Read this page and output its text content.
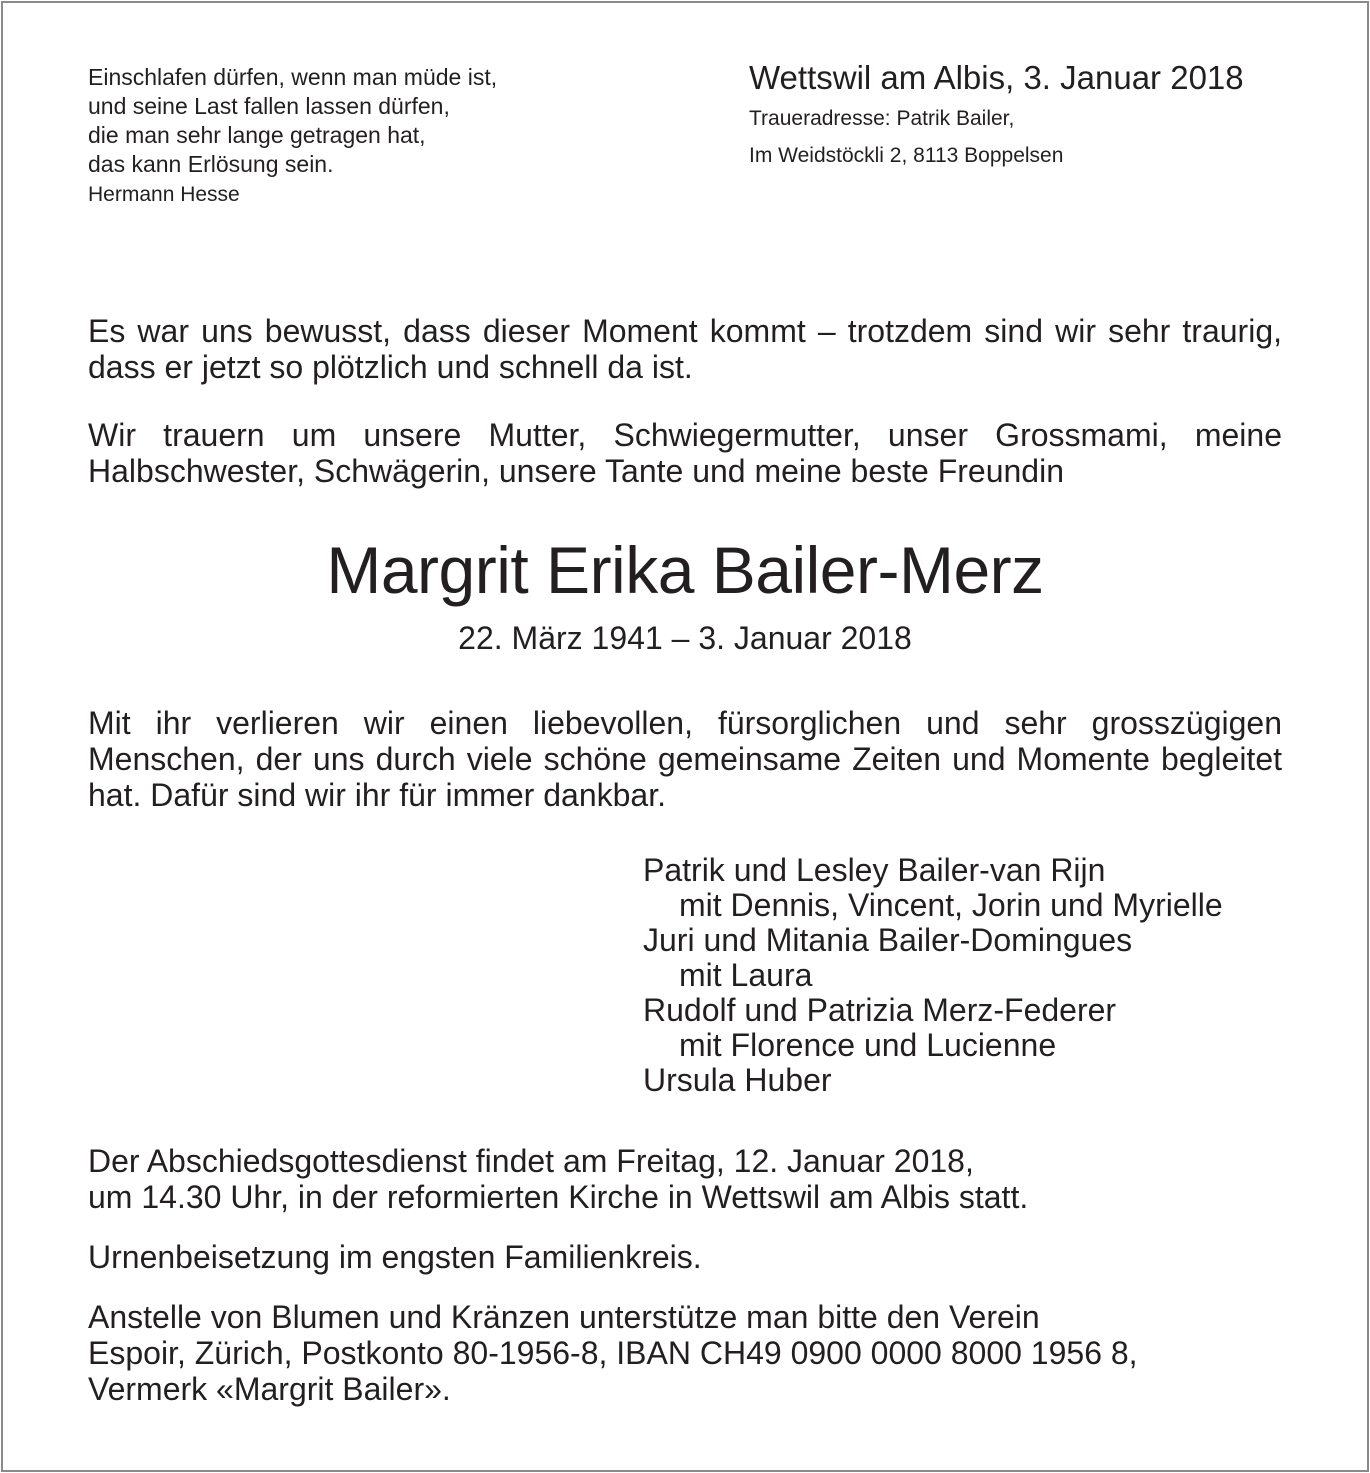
Einschlafen dürfen, wenn man müde ist,
und seine Last fallen lassen dürfen,
die man sehr lange getragen hat,
das kann Erlösung sein.
Hermann Hesse
Wettswil am Albis, 3. Januar 2018
Traueradresse: Patrik Bailer,
Im Weidstöckli 2, 8113 Boppelsen
Es war uns bewusst, dass dieser Moment kommt – trotzdem sind wir sehr traurig, dass er jetzt so plötzlich und schnell da ist.
Wir trauern um unsere Mutter, Schwiegermutter, unser Grossmami, meine Halbschwester, Schwägerin, unsere Tante und meine beste Freundin
Margrit Erika Bailer-Merz
22. März 1941 – 3. Januar 2018
Mit ihr verlieren wir einen liebevollen, fürsorglichen und sehr grosszügigen Menschen, der uns durch viele schöne gemeinsame Zeiten und Momente begleitet hat. Dafür sind wir ihr für immer dankbar.
Patrik und Lesley Bailer-van Rijn
mit Dennis, Vincent, Jorin und Myrielle
Juri und Mitania Bailer-Domingues
mit Laura
Rudolf und Patrizia Merz-Federer
mit Florence und Lucienne
Ursula Huber
Der Abschiedsgottesdienst findet am Freitag, 12. Januar 2018,
um 14.30 Uhr, in der reformierten Kirche in Wettswil am Albis statt.
Urnenbeisetzung im engsten Familienkreis.
Anstelle von Blumen und Kränzen unterstütze man bitte den Verein
Espoir, Zürich, Postkonto 80-1956-8, IBAN CH49 0900 0000 8000 1956 8,
Vermerk «Margrit Bailer».
